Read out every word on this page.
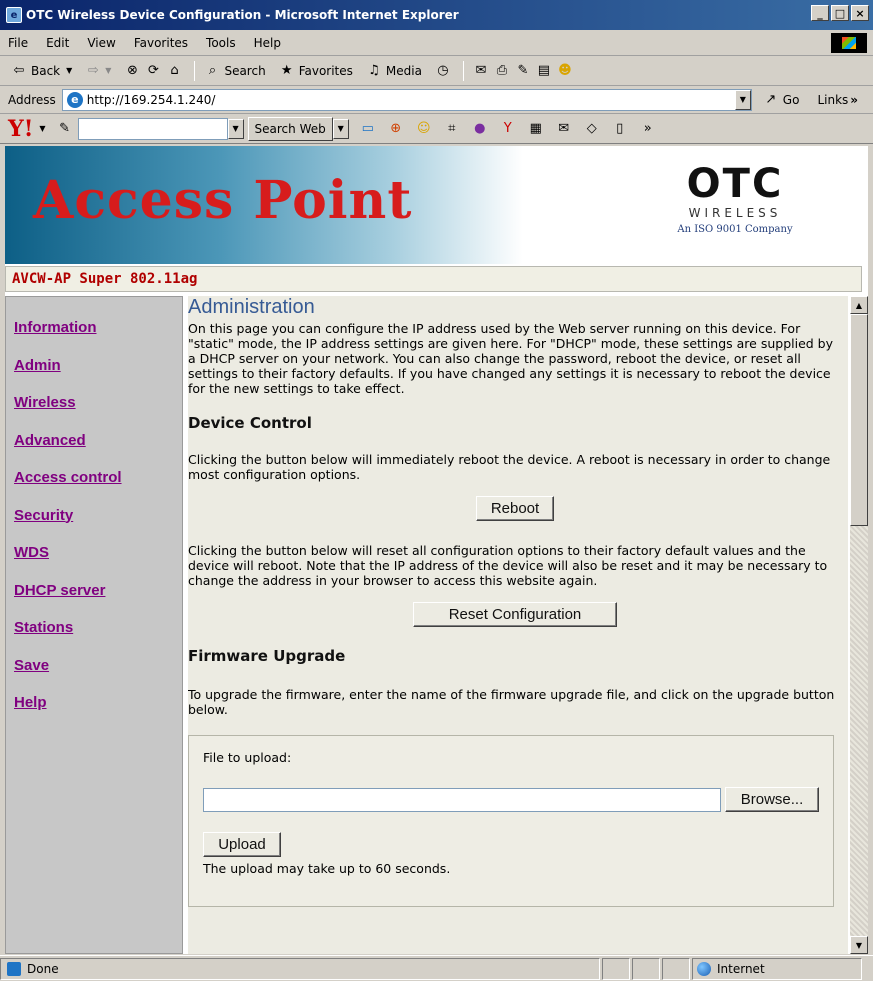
e OTC Wireless Device Configuration - Microsoft Internet Explorer	_	□ ×
File Edit View Favorites Tools Help
⇦ Back ▼ ⇨ ▼ ⊗ ⟳ ⌂	⌕ Search ★ Favorites ♫ Media ◷ ✉ ⎙ ✎ ▤ ☻
Address	e http://169.254.1.240/	▼	↗ Go Links »
Y! ▼ ✎	▼	Search Web	▼	▭ ⊕ ☺	⌗	●	Y	▦ ✉	◇	▯	»
Access Point	OTC
WIRELESS
An ISO 9001 Company
AVCW-AP Super 802.11ag
Information
Admin
Wireless
Advanced
Access control
Security
WDS
DHCP server
Stations
Save
Help
Administration

On this page you can configure the IP address used by the Web server running on this device. For "static" mode, the IP address settings are given here. For "DHCP" mode, these settings are supplied by a DHCP server on your network. You can also change the password, reboot the device, or reset all settings to their factory defaults. If you have changed any settings it is necessary to reboot the device for the new settings to take effect.

Device Control

Clicking the button below will immediately reboot the device. A reboot is necessary in order to change most configuration options.

Reboot

Clicking the button below will reset all configuration options to their factory default values and the device will reboot. Note that the IP address of the device will also be reset and it may be necessary to change the address in your browser to access this website again.

Reset Configuration
Firmware Upgrade

To upgrade the firmware, enter the name of the firmware upgrade file, and click on the upgrade button below.

File to upload:
Browse...
Upload
The upload may take up to 60 seconds.
▲
▼
Done	Internet
